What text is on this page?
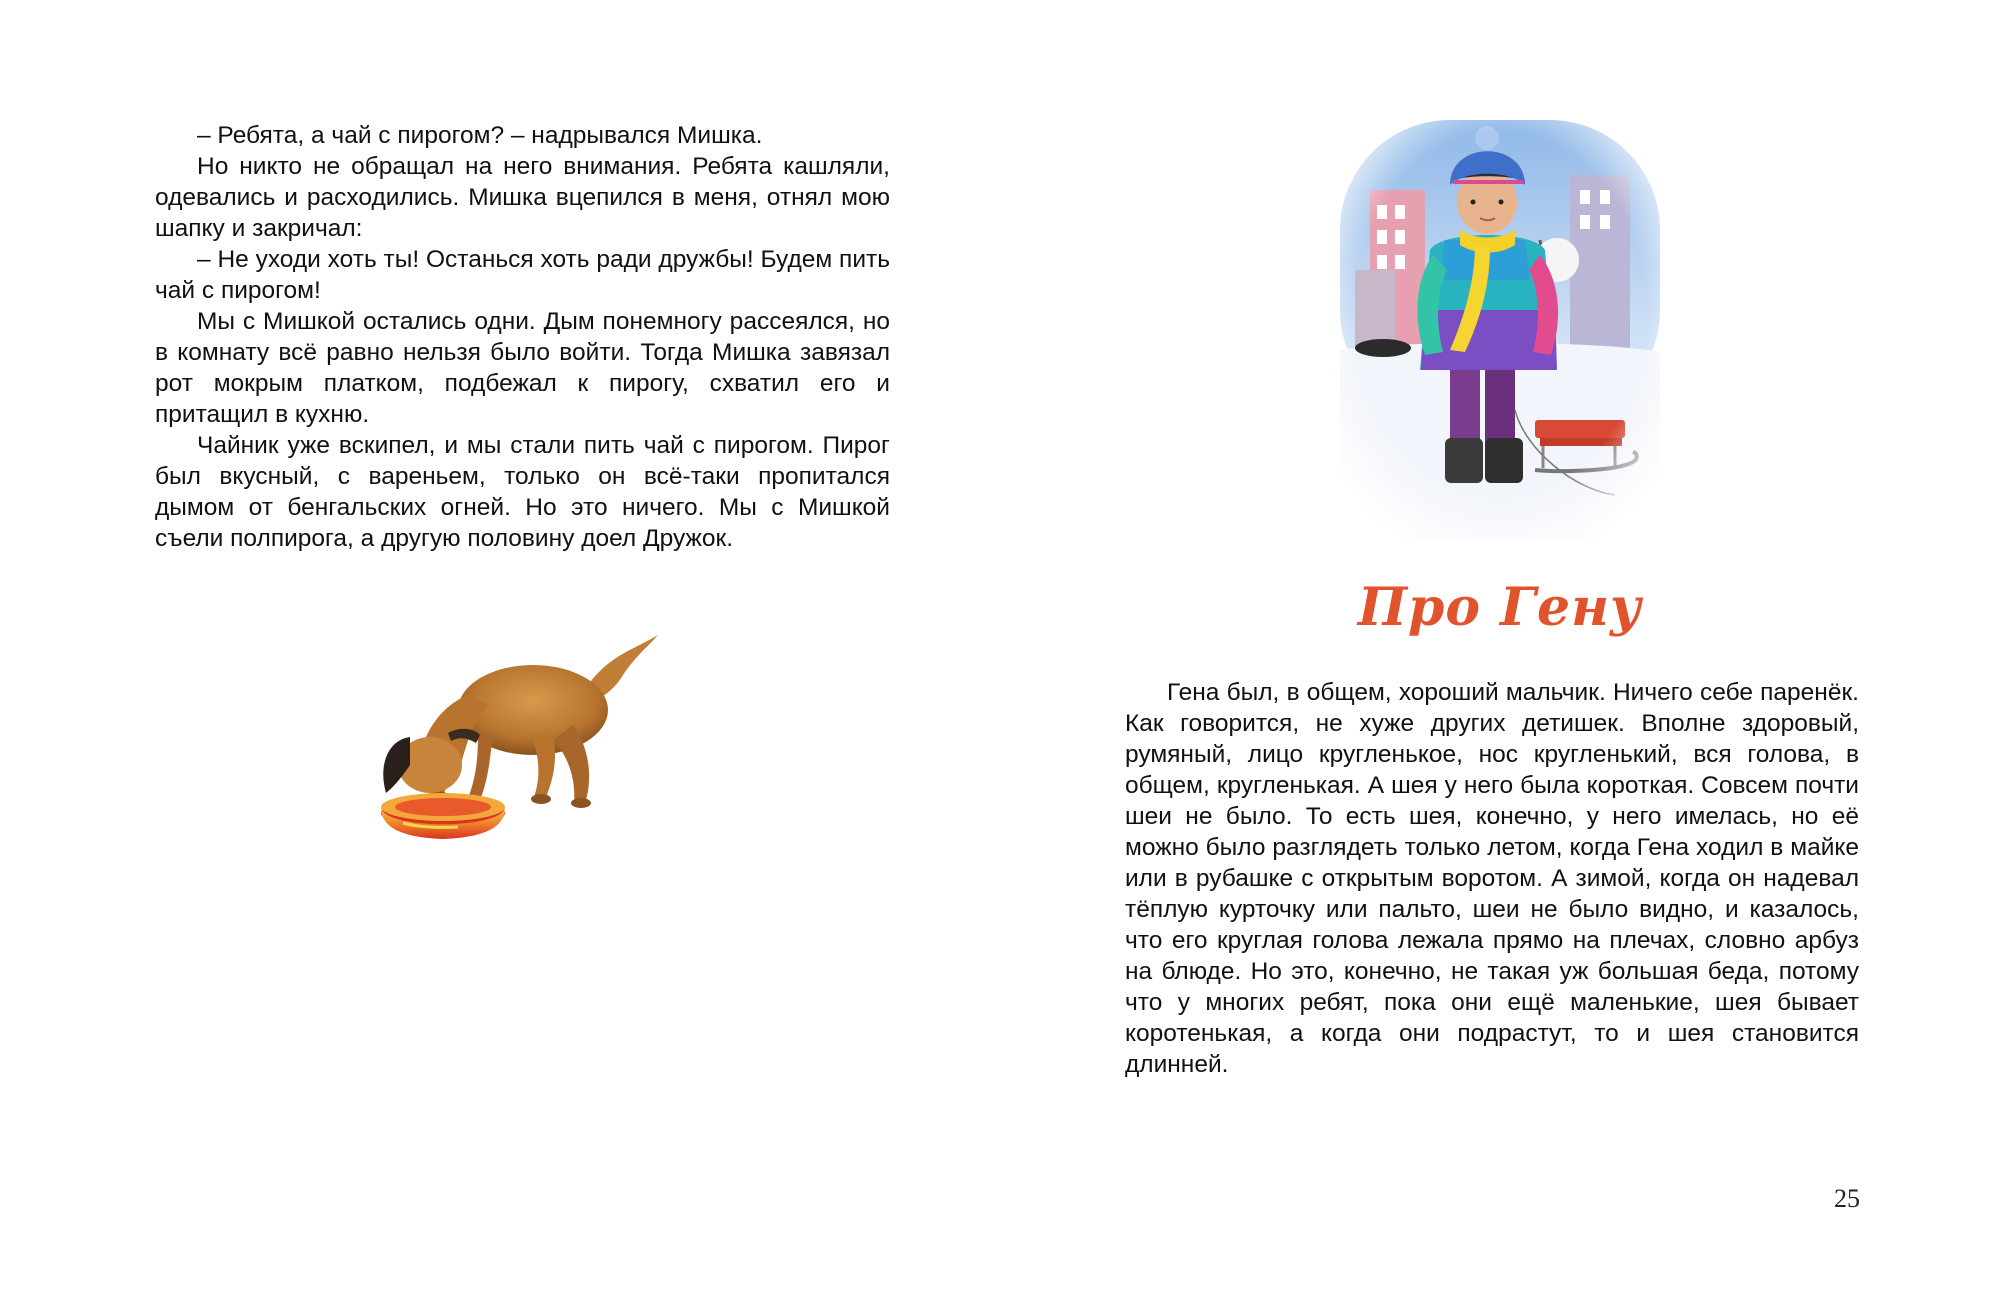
– Ребята, а чай с пирогом? – надрывался Мишка.

Но никто не обращал на него внимания. Ребята кашляли, одевались и расходились. Мишка вцепился в меня, отнял мою шапку и закричал:

– Не уходи хоть ты! Останься хоть ради дружбы! Будем пить чай с пирогом!

Мы с Мишкой остались одни. Дым понемногу рассеялся, но в комнату всё равно нельзя было войти. Тогда Мишка завязал рот мокрым платком, подбежал к пирогу, схватил его и притащил в кухню.

Чайник уже вскипел, и мы стали пить чай с пирогом. Пирог был вкусный, с вареньем, только он всё-таки пропитался дымом от бенгальских огней. Но это ничего. Мы с Мишкой съели полпирога, а другую половину доел Дружок.

Про Гену

Гена был, в общем, хороший мальчик. Ничего себе паренёк. Как говорится, не хуже других детишек. Вполне здоровый, румяный, лицо кругленькое, нос кругленький, вся голова, в общем, кругленькая. А шея у него была короткая. Совсем почти шеи не было. То есть шея, конечно, у него имелась, но её можно было разглядеть только летом, когда Гена ходил в майке или в рубашке с открытым воротом. А зимой, когда он надевал тёплую курточку или пальто, шеи не было видно, и казалось, что его круглая голова лежала прямо на плечах, словно арбуз на блюде. Но это, конечно, не такая уж большая беда, потому что у многих ребят, пока они ещё маленькие, шея бывает коротенькая, а когда они подрастут, то и шея становится длинней.

25
